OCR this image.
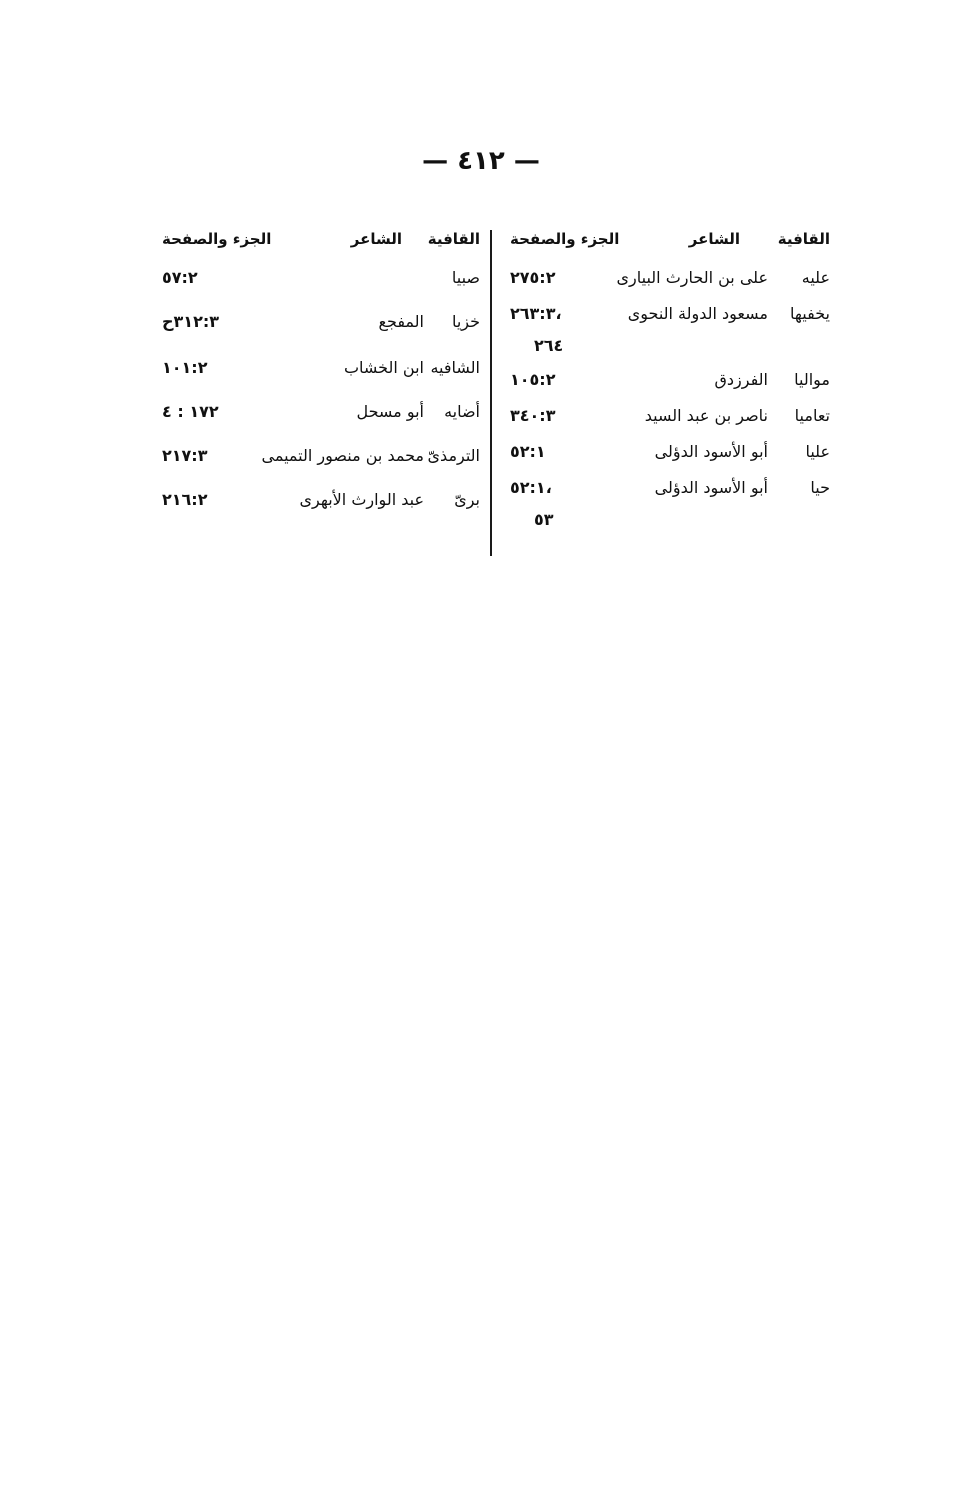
— ٤١٢ —
القافية
الشاعر
الجزء والصفحة
عليه
على بن الحارث البيارى
٢٧٥:٢
يخفيها
مسعود الدولة النحوى
٢٦٣:٣،
٢٦٤
مواليا
الفرزدق
١٠٥:٢
تعاميا
ناصر بن عبد السيد
٣٤٠:٣
عليا
أبو الأسود الدؤلى
٥٢:١
حيا
أبو الأسود الدؤلى
٥٢:١،
٥٣
القافية
الشاعر
الجزء والصفحة
صبيا
٥٧:٢
خزيا
المفجع
٣١٢:٣ح
الشافيه
ابن الخشاب
١٠١:٢
أضايه
أبو مسحل
١٧٢ : ٤
الترمذىّ
محمد بن منصور التميمى
٢١٧:٣
برىّ
عبد الوارث الأبهرى
٢١٦:٢
